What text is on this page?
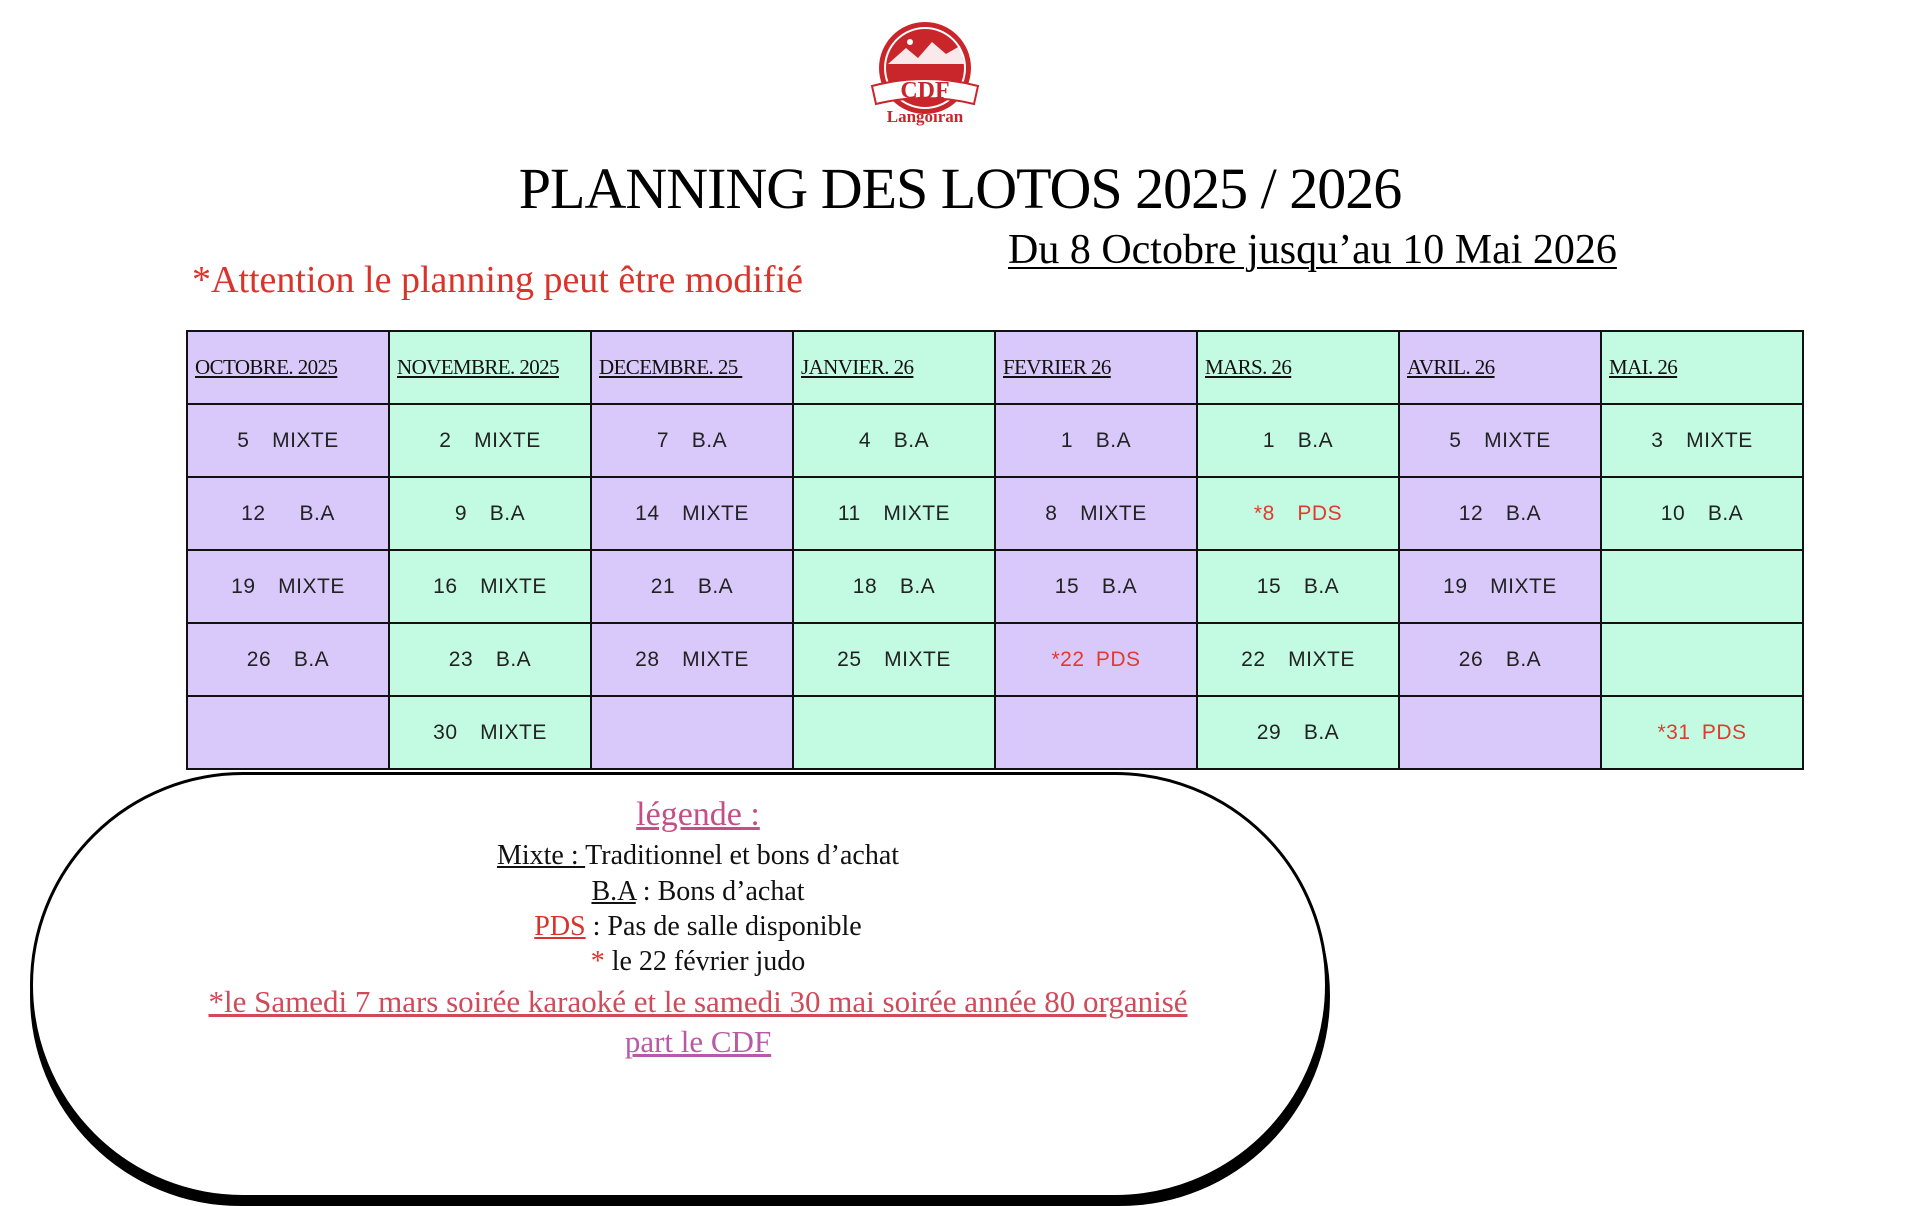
CDF
Langoiran
PLANNING DES LOTOS 2025 / 2026
Du 8 Octobre jusqu’au 10 Mai 2026
*Attention le planning peut être modifié
OCTOBRE. 2025	NOVEMBRE. 2025	DECEMBRE. 25	JANVIER. 26	FEVRIER 26	MARS. 26	AVRIL. 26	MAI. 26
5  MIXTE	2  MIXTE	7  B.A	4  B.A	1  B.A	1  B.A	5  MIXTE	3  MIXTE
12   B.A	9  B.A	14  MIXTE	11  MIXTE	8  MIXTE	*8  PDS	12  B.A	10  B.A
19  MIXTE	16  MIXTE	21  B.A	18  B.A	15  B.A	15  B.A	19  MIXTE	
26  B.A	23  B.A	28  MIXTE	25  MIXTE	*22 PDS	22  MIXTE	26  B.A	
	30  MIXTE				29  B.A		*31 PDS
légende :
Mixte : Traditionnel et bons d’achat
B.A : Bons d’achat
PDS : Pas de salle disponible
* le 22 février judo
*le Samedi 7 mars soirée karaoké et le samedi 30 mai soirée année 80 organisé
part le CDF
